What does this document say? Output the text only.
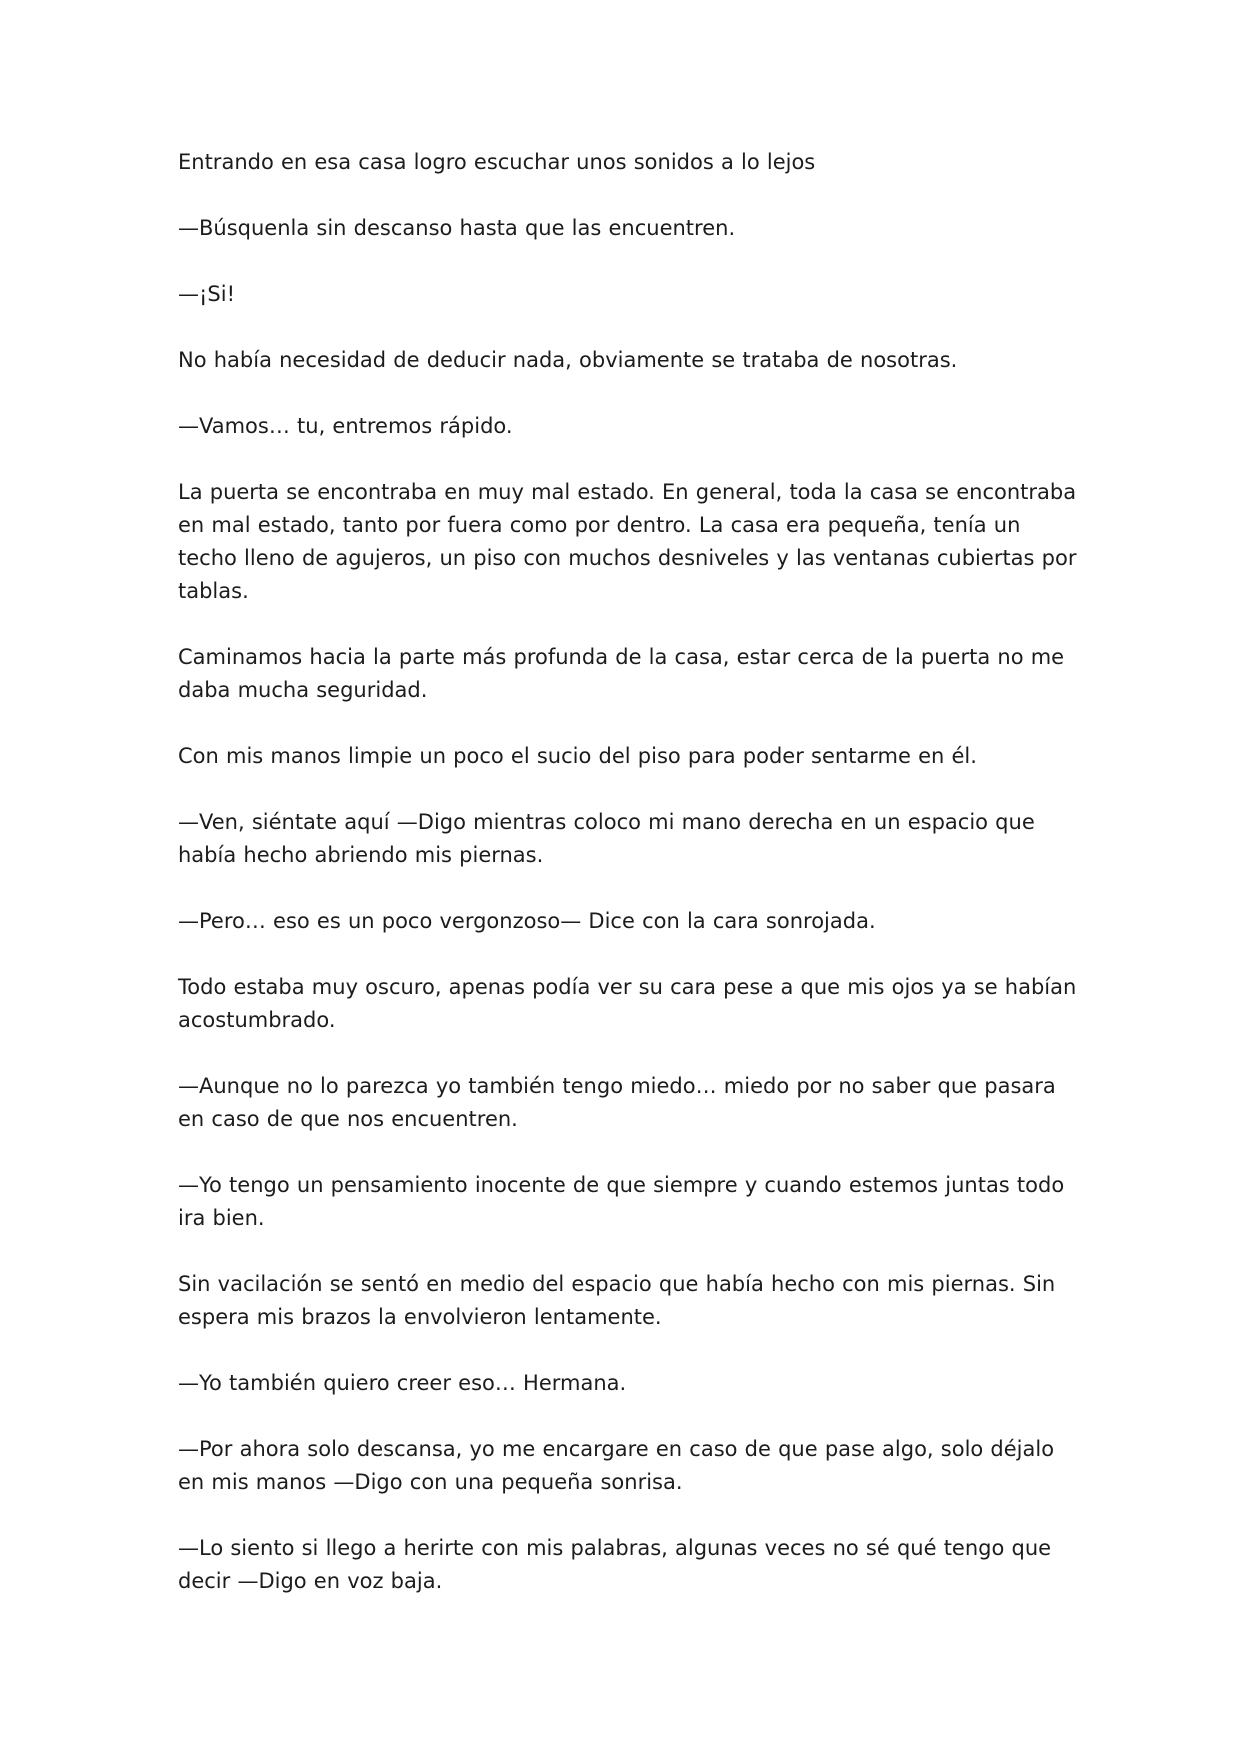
Entrando en esa casa logro escuchar unos sonidos a lo lejos

—Búsquenla sin descanso hasta que las encuentren.

—¡Si!

No había necesidad de deducir nada, obviamente se trataba de nosotras.

—Vamos… tu, entremos rápido.

La puerta se encontraba en muy mal estado. En general, toda la casa se encontraba en mal estado, tanto por fuera como por dentro. La casa era pequeña, tenía un techo lleno de agujeros, un piso con muchos desniveles y las ventanas cubiertas por tablas.

Caminamos hacia la parte más profunda de la casa, estar cerca de la puerta no me daba mucha seguridad.

Con mis manos limpie un poco el sucio del piso para poder sentarme en él.

—Ven, siéntate aquí —Digo mientras coloco mi mano derecha en un espacio que había hecho abriendo mis piernas.

—Pero… eso es un poco vergonzoso— Dice con la cara sonrojada.

Todo estaba muy oscuro, apenas podía ver su cara pese a que mis ojos ya se habían acostumbrado.

—Aunque no lo parezca yo también tengo miedo… miedo por no saber que pasara en caso de que nos encuentren.

—Yo tengo un pensamiento inocente de que siempre y cuando estemos juntas todo ira bien.

Sin vacilación se sentó en medio del espacio que había hecho con mis piernas. Sin espera mis brazos la envolvieron lentamente.

—Yo también quiero creer eso… Hermana.

—Por ahora solo descansa, yo me encargare en caso de que pase algo, solo déjalo en mis manos —Digo con una pequeña sonrisa.

—Lo siento si llego a herirte con mis palabras, algunas veces no sé qué tengo que decir —Digo en voz baja.
